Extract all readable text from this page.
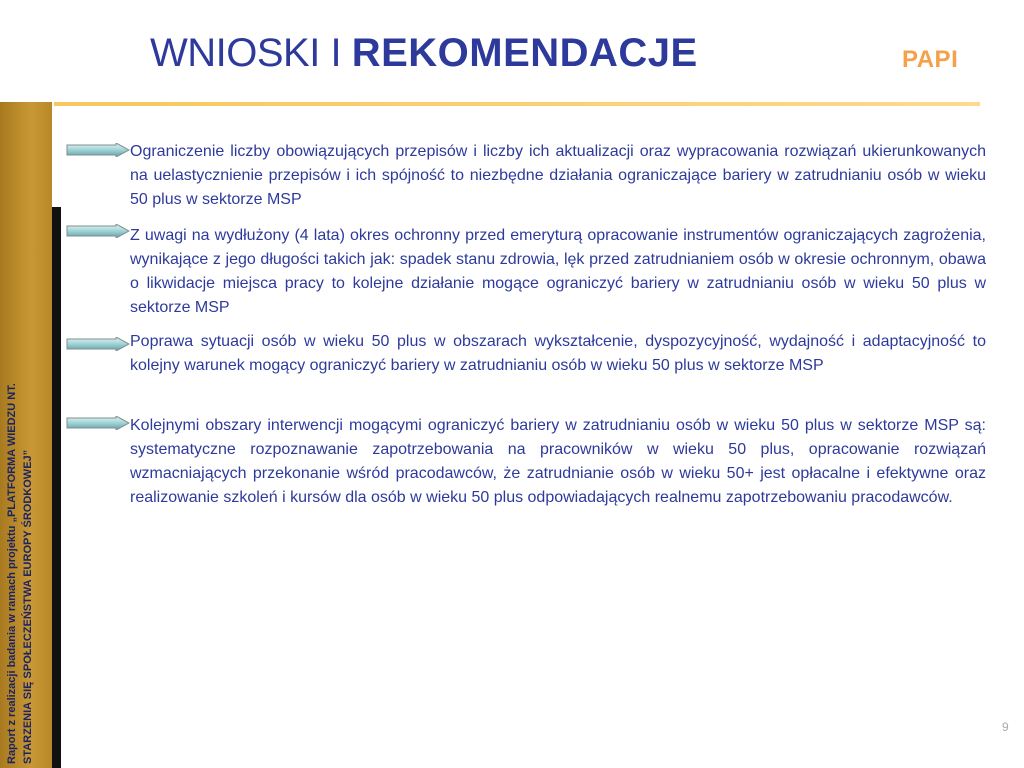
WNIOSKI I REKOMENDACJE	PAPI
Raport z realizacji badania w ramach projektu „PLATFORMA WIEDZU NT. STARZENIA SIĘ SPOŁECZEŃSTWA EUROPY ŚRODKOWEJ”

Ograniczenie liczby obowiązujących przepisów i liczby ich aktualizacji oraz wypracowania rozwiązań ukierunkowanych na uelastycznienie przepisów i ich spójność to niezbędne działania ograniczające bariery w zatrudnianiu osób w wieku 50 plus w sektorze MSP

Z uwagi na wydłużony (4 lata) okres ochronny przed emeryturą opracowanie instrumentów ograniczających zagrożenia, wynikające z jego długości takich jak: spadek stanu zdrowia, lęk przed zatrudnianiem osób w okresie ochronnym, obawa o likwidacje miejsca pracy to kolejne działanie mogące ograniczyć bariery w zatrudnianiu osób w wieku 50 plus w sektorze MSP

Poprawa sytuacji osób w wieku 50 plus w obszarach wykształcenie, dyspozycyjność, wydajność i adaptacyjność to kolejny warunek mogący ograniczyć bariery w zatrudnianiu osób w wieku 50 plus w sektorze MSP

Kolejnymi obszary interwencji mogącymi ograniczyć bariery w zatrudnianiu osób w wieku 50 plus w sektorze MSP są: systematyczne rozpoznawanie zapotrzebowania na pracowników w wieku 50 plus, opracowanie rozwiązań wzmacniających przekonanie wśród pracodawców, że zatrudnianie osób w wieku 50+ jest opłacalne i efektywne oraz realizowanie szkoleń i kursów dla osób w wieku 50 plus odpowiadających realnemu zapotrzebowaniu pracodawców.

9
